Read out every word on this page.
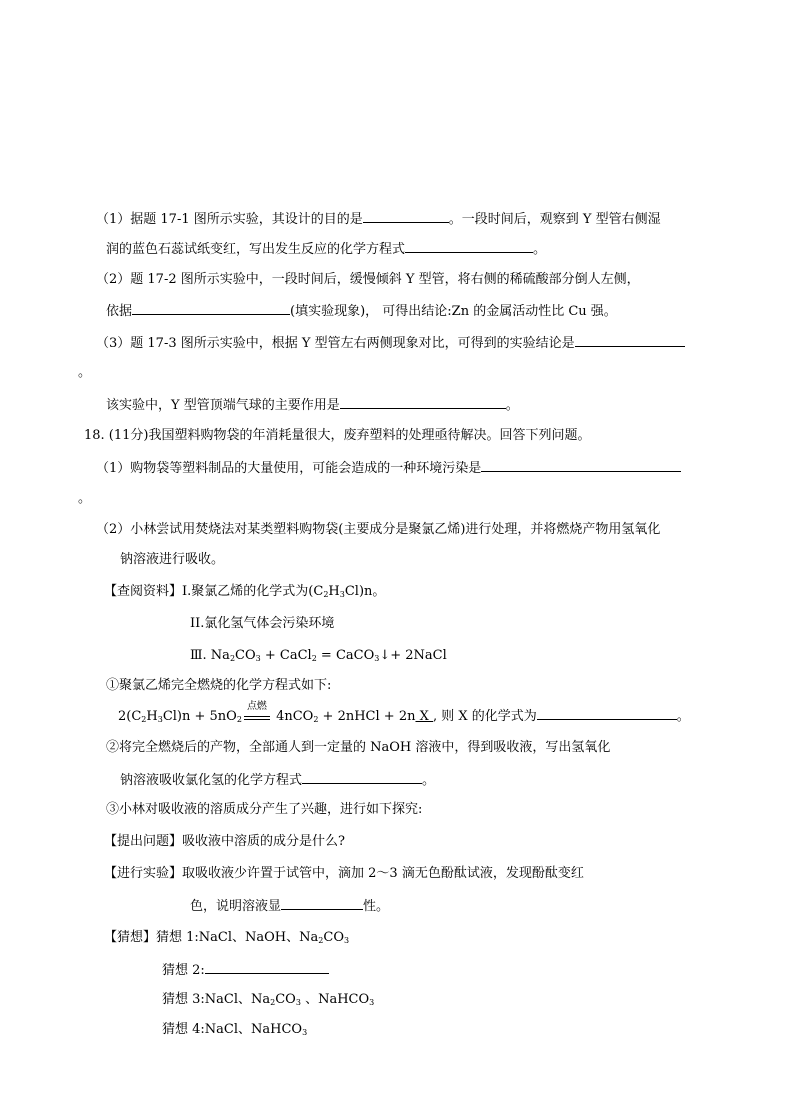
（1）据题 17-1 图所示实验，其设计的目的是	。一段时间后，观察到 Y 型管右侧湿
润的蓝色石蕊试纸变红，写出发生反应的化学方程式	。
（2）题 17-2 图所示实验中，一段时间后，缓慢倾斜 Y 型管，将右侧的稀硫酸部分倒人左侧，
依据	(填实验现象)， 可得出结论:Zn 的金属活动性比 Cu 强。
（3）题 17-3 图所示实验中，根据 Y 型管左右两侧现象对比，可得到的实验结论是
。
该实验中，Y 型管顶端气球的主要作用是	。
18. (11分)我国塑料购物袋的年消耗量很大，废弃塑料的处理亟待解决。回答下列问题。
（1）购物袋等塑料制品的大量使用，可能会造成的一种环境污染是
。
（2）小林尝试用焚烧法对某类塑料购物袋(主要成分是聚氯乙烯)进行处理，并将燃烧产物用氢氧化
钠溶液进行吸收。
【查阅资料】I.聚氯乙烯的化学式为$(C_2H_3Cl)n$。
II.氯化氢气体会污染环境
Ⅲ. $Na_2CO_3$ + CaCl$_2$ = CaCO$_3$↓+ 2NaCl
①聚氯乙烯完全燃烧的化学方程式如下:
$2(C_2H_3Cl)n + 5nO_2$
点燃
4nCO$_2$ + 2nHCl + 2n X , 则 X 的化学式为	。
②将完全燃烧后的产物，全部通人到一定量的 NaOH 溶液中，得到吸收液，写出氢氧化
钠溶液吸收氯化氢的化学方程式	。
③小林对吸收液的溶质成分产生了兴趣，进行如下探究:
【提出问题】吸收液中溶质的成分是什么?
【进行实验】取吸收液少许置于试管中，滴加 2～3 滴无色酚酞试液，发现酚酞变红
色，说明溶液显	性。
【猜想】猜想 1:NaCl、NaOH、$Na_2CO_3$
猜想 2:
猜想 3:NaCl、$Na_2CO_3$ 、NaHCO$_3$
猜想 4:NaCl、NaHCO$_3$
